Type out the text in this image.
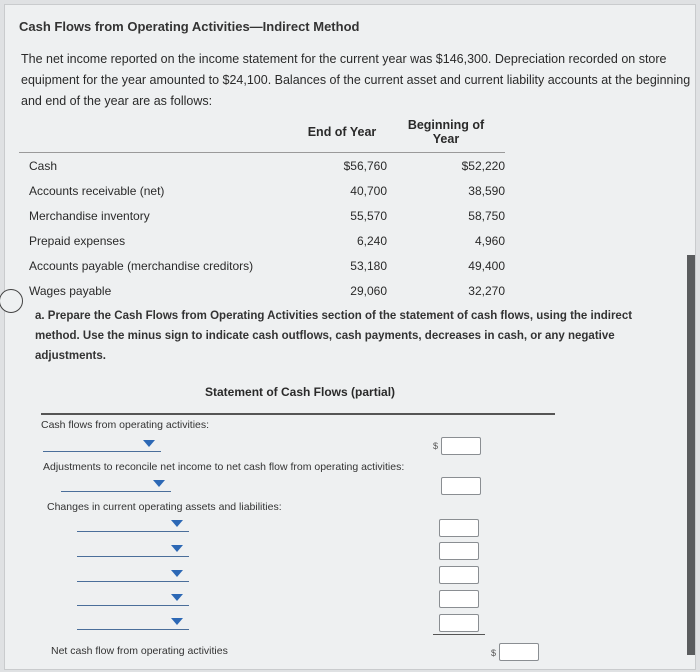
Cash Flows from Operating Activities—Indirect Method
The net income reported on the income statement for the current year was $146,300. Depreciation recorded on store equipment for the year amounted to $24,100. Balances of the current asset and current liability accounts at the beginning and end of the year are as follows:
	End of Year	Beginning of Year
Cash	$56,760	$52,220
Accounts receivable (net)	40,700	38,590
Merchandise inventory	55,570	58,750
Prepaid expenses	6,240	4,960
Accounts payable (merchandise creditors)	53,180	49,400
Wages payable	29,060	32,270
a. Prepare the Cash Flows from Operating Activities section of the statement of cash flows, using the indirect method. Use the minus sign to indicate cash outflows, cash payments, decreases in cash, or any negative adjustments.
Statement of Cash Flows (partial)
Cash flows from operating activities:
$
Adjustments to reconcile net income to net cash flow from operating activities:
Changes in current operating assets and liabilities:
Net cash flow from operating activities	$
